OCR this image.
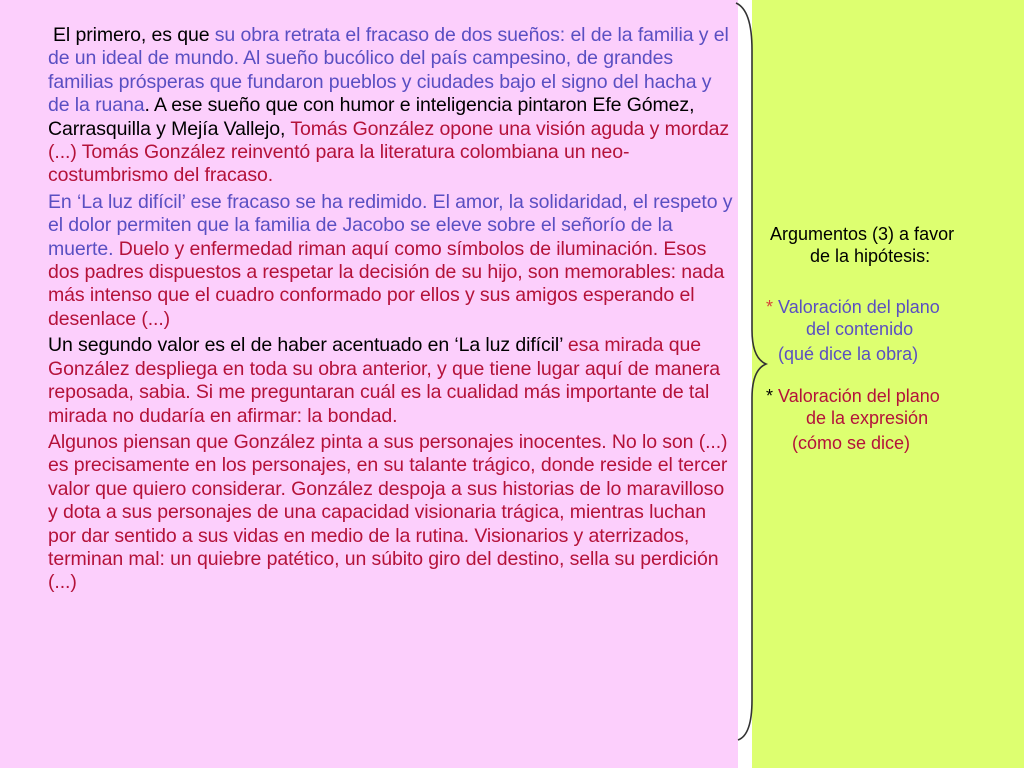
El primero, es que su obra retrata el fracaso de dos sueños: el de la familia y el de un ideal de mundo. Al sueño bucólico del país campesino, de grandes familias prósperas que fundaron pueblos y ciudades bajo el signo del hacha y de la ruana. A ese sueño que con humor e inteligencia pintaron Efe Gómez, Carrasquilla y Mejía Vallejo, Tomás González opone una visión aguda y mordaz (...) Tomás González reinventó para la literatura colombiana un neo-costumbrismo del fracaso.

En ‘La luz difícil’ ese fracaso se ha redimido. El amor, la solidaridad, el respeto y el dolor permiten que la familia de Jacobo se eleve sobre el señorío de la muerte. Duelo y enfermedad riman aquí como símbolos de iluminación. Esos dos padres dispuestos a respetar la decisión de su hijo, son memorables: nada más intenso que el cuadro conformado por ellos y sus amigos esperando el desenlace (...)

Un segundo valor es el de haber acentuado en ‘La luz difícil’ esa mirada que González despliega en toda su obra anterior, y que tiene lugar aquí de manera reposada, sabia. Si me preguntaran cuál es la cualidad más importante de tal mirada no dudaría en afirmar: la bondad.

Algunos piensan que González pinta a sus personajes inocentes. No lo son (...) es precisamente en los personajes, en su talante trágico, donde reside el tercer valor que quiero considerar. González despoja a sus historias de lo maravilloso y dota a sus personajes de una capacidad visionaria trágica, mientras luchan por dar sentido a sus vidas en medio de la rutina. Visionarios y aterrizados, terminan mal: un quiebre patético, un súbito giro del destino, sella su perdición (...)

Argumentos (3) a favor
de la hipótesis:
* Valoración del plano
del contenido
(qué dice la obra)
* Valoración del plano
de la expresión
(cómo se dice)
